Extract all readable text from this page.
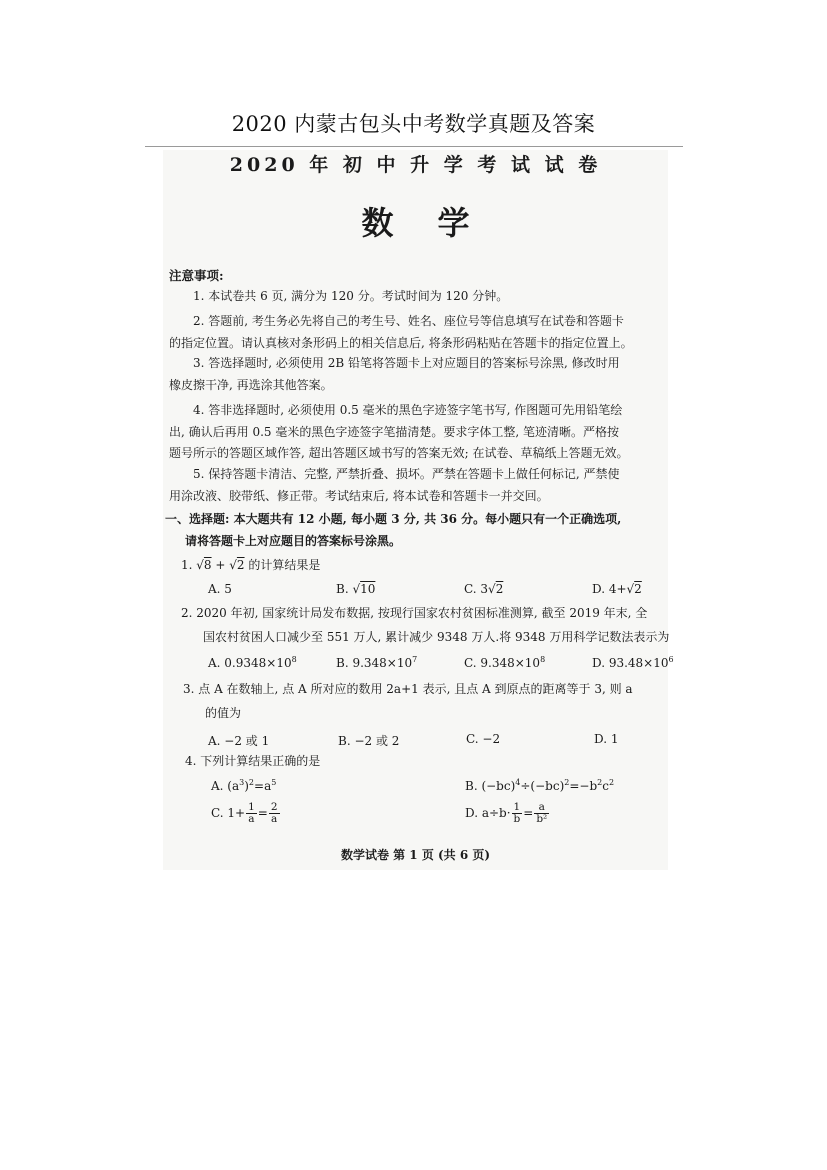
2020 内蒙古包头中考数学真题及答案
2020 年 初 中 升 学 考 试 试 卷
数学
注意事项:
1. 本试卷共 6 页, 满分为 120 分。考试时间为 120 分钟。
2. 答题前, 考生务必先将自己的考生号、姓名、座位号等信息填写在试卷和答题卡
的指定位置。请认真核对条形码上的相关信息后, 将条形码粘贴在答题卡的指定位置上。
3. 答选择题时, 必须使用 2B 铅笔将答题卡上对应题目的答案标号涂黑, 修改时用
橡皮擦干净, 再选涂其他答案。
4. 答非选择题时, 必须使用 0.5 毫米的黑色字迹签字笔书写, 作图题可先用铅笔绘
出, 确认后再用 0.5 毫米的黑色字迹签字笔描清楚。要求字体工整, 笔迹清晰。严格按
题号所示的答题区域作答, 超出答题区域书写的答案无效; 在试卷、草稿纸上答题无效。
5. 保持答题卡清洁、完整, 严禁折叠、损坏。严禁在答题卡上做任何标记, 严禁使
用涂改液、胶带纸、修正带。考试结束后, 将本试卷和答题卡一并交回。
一、选择题: 本大题共有 12 小题, 每小题 3 分, 共 36 分。每小题只有一个正确选项,
请将答题卡上对应题目的答案标号涂黑。
1. √8 + √2 的计算结果是
A. 5	B. √10	C. 3√2	D. 4+√2
2. 2020 年初, 国家统计局发布数据, 按现行国家农村贫困标准测算, 截至 2019 年末, 全
国农村贫困人口减少至 551 万人, 累计减少 9348 万人.将 9348 万用科学记数法表示为
A. $0.9348\times 10^8$	B. $9.348\times 10^7$	C. $9.348\times 10^8$	D. $93.48\times 10^6$
3. 点 A 在数轴上, 点 A 所对应的数用 2a+1 表示, 且点 A 到原点的距离等于 3, 则 a
的值为
A. −2 或 1	B. −2 或 2	C. −2	D. 1
4. 下列计算结果正确的是
A. $(a^3)^2=a^5$	B. $(-bc)^4\div(-bc)^2=-b^2c^2$
C. $1+ \frac{1}{a} = \frac{2}{a}$	D. $a\div b\cdot \frac{1}{b} = \frac{a}{\text{b²}}$
数学试卷 第 1 页 (共 6 页)
